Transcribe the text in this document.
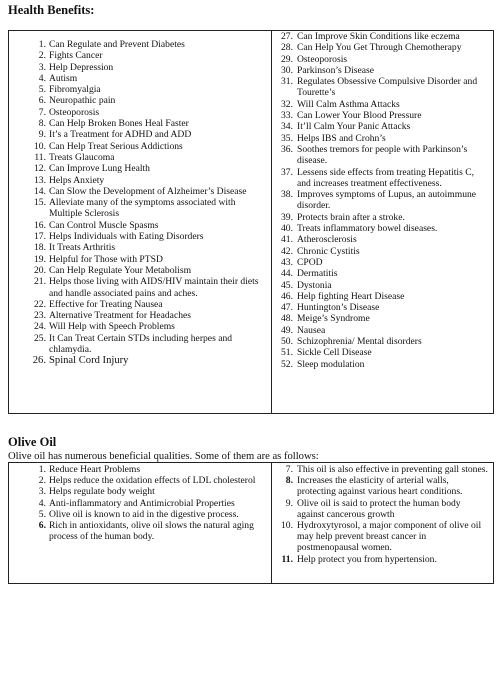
Health Benefits:
1. Can Regulate and Prevent Diabetes
2. Fights Cancer
3. Help Depression
4. Autism
5. Fibromyalgia
6. Neuropathic pain
7. Osteoporosis
8. Can Help Broken Bones Heal Faster
9. It’s a Treatment for ADHD and ADD
10. Can Help Treat Serious Addictions
11. Treats Glaucoma
12. Can Improve Lung Health
13. Helps Anxiety
14. Can Slow the Development of Alzheimer’s Disease
15. Alleviate many of the symptoms associated with Multiple Sclerosis
16. Can Control Muscle Spasms
17. Helps Individuals with Eating Disorders
18. It Treats Arthritis
19. Helpful for Those with PTSD
20. Can Help Regulate Your Metabolism
21. Helps those living with AIDS/HIV maintain their diets and handle associated pains and aches.
22. Effective for Treating Nausea
23. Alternative Treatment for Headaches
24. Will Help with Speech Problems
25. It Can Treat Certain STDs including herpes and chlamydia.
26. Spinal Cord Injury
27. Can Improve Skin Conditions like eczema
28. Can Help You Get Through Chemotherapy
29. Osteoporosis
30. Parkinson’s Disease
31. Regulates Obsessive Compulsive Disorder and Tourette’s
32. Will Calm Asthma Attacks
33. Can Lower Your Blood Pressure
34. It’ll Calm Your Panic Attacks
35. Helps IBS and Crohn’s
36. Soothes tremors for people with Parkinson’s disease.
37. Lessens side effects from treating Hepatitis C, and increases treatment effectiveness.
38. Improves symptoms of Lupus, an autoimmune disorder.
39. Protects brain after a stroke.
40. Treats inflammatory bowel diseases.
41. Atherosclerosis
42. Chronic Cystitis
43. CPOD
44. Dermatitis
45. Dystonia
46. Help fighting Heart Disease
47. Huntington’s Disease
48. Meige’s Syndrome
49. Nausea
50. Schizophrenia/ Mental disorders
51. Sickle Cell Disease
52. Sleep modulation
Olive Oil
Olive oil has numerous beneficial qualities. Some of them are as follows:
1. Reduce Heart Problems
2. Helps reduce the oxidation effects of LDL cholesterol
3. Helps regulate body weight
4. Anti-inflammatory and Antimicrobial Properties
5. Olive oil is known to aid in the digestive process.
6. Rich in antioxidants, olive oil slows the natural aging process of the human body.
7. This oil is also effective in preventing gall stones.
8. Increases the elasticity of arterial walls, protecting against various heart conditions.
9. Olive oil is said to protect the human body against cancerous growth
10. Hydroxytyrosol, a major component of olive oil may help prevent breast cancer in postmenopausal women.
11. Help protect you from hypertension.
